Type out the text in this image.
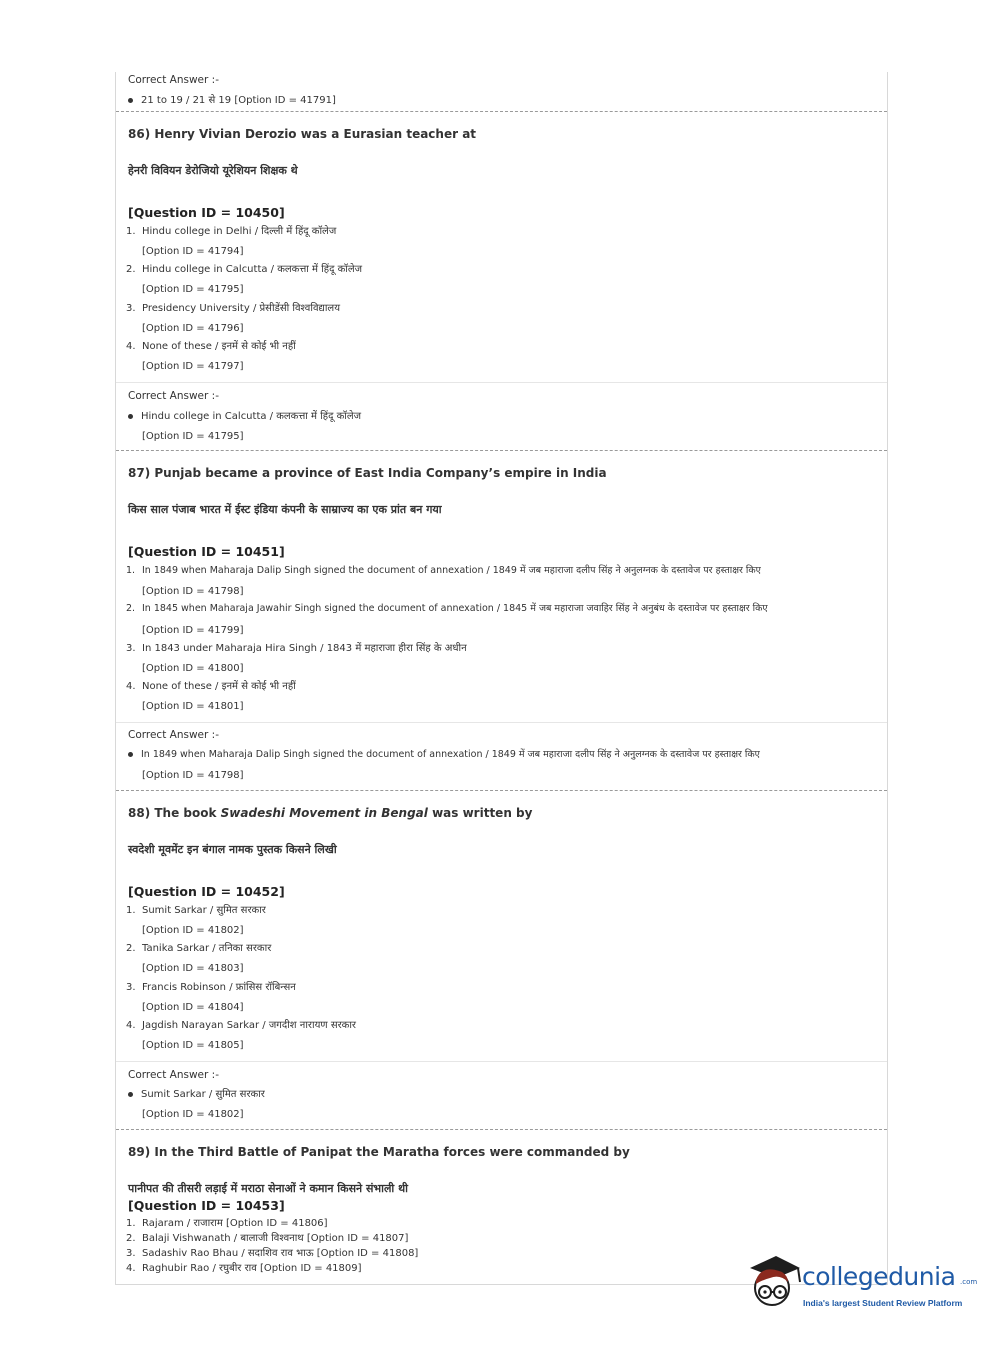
Correct Answer :-
21 to 19 / 21 से 19 [Option ID = 41791]
86) Henry Vivian Derozio was a Eurasian teacher at
हेनरी विवियन डेरोजियो यूरेशियन शिक्षक थे
[Question ID = 10450]
1. Hindu college in Delhi / दिल्ली में हिंदू कॉलेज
[Option ID = 41794]
2. Hindu college in Calcutta / कलकत्ता में हिंदू कॉलेज
[Option ID = 41795]
3. Presidency University / प्रेसीडेंसी विश्वविद्यालय
[Option ID = 41796]
4. None of these / इनमें से कोई भी नहीं
[Option ID = 41797]
Correct Answer :-
Hindu college in Calcutta / कलकत्ता में हिंदू कॉलेज
[Option ID = 41795]
87) Punjab became a province of East India Company’s empire in India
किस साल पंजाब भारत में ईस्ट इंडिया कंपनी के साम्राज्य का एक प्रांत बन गया
[Question ID = 10451]
1. In 1849 when Maharaja Dalip Singh signed the document of annexation / 1849 में जब महाराजा दलीप सिंह ने अनुलग्नक के दस्तावेज पर हस्ताक्षर किए
[Option ID = 41798]
2. In 1845 when Maharaja Jawahir Singh signed the document of annexation / 1845 में जब महाराजा जवाहिर सिंह ने अनुबंध के दस्तावेज पर हस्ताक्षर किए
[Option ID = 41799]
3. In 1843 under Maharaja Hira Singh / 1843 में महाराजा हीरा सिंह के अधीन
[Option ID = 41800]
4. None of these / इनमें से कोई भी नहीं
[Option ID = 41801]
Correct Answer :-
In 1849 when Maharaja Dalip Singh signed the document of annexation / 1849 में जब महाराजा दलीप सिंह ने अनुलग्नक के दस्तावेज पर हस्ताक्षर किए
[Option ID = 41798]
88) The book Swadeshi Movement in Bengal was written by
स्वदेशी मूवमेंट इन बंगाल नामक पुस्तक किसने लिखी
[Question ID = 10452]
1. Sumit Sarkar / सुमित सरकार
[Option ID = 41802]
2. Tanika Sarkar / तनिका सरकार
[Option ID = 41803]
3. Francis Robinson / फ्रांसिस रॉबिन्सन
[Option ID = 41804]
4. Jagdish Narayan Sarkar / जगदीश नारायण सरकार
[Option ID = 41805]
Correct Answer :-
Sumit Sarkar / सुमित सरकार
[Option ID = 41802]
89) In the Third Battle of Panipat the Maratha forces were commanded by
पानीपत की तीसरी लड़ाई में मराठा सेनाओं ने कमान किसने संभाली थी
[Question ID = 10453]
1. Rajaram / राजाराम [Option ID = 41806]
2. Balaji Vishwanath / बालाजी विश्वनाथ [Option ID = 41807]
3. Sadashiv Rao Bhau / सदाशिव राव भाऊ [Option ID = 41808]
4. Raghubir Rao / रघुबीर राव [Option ID = 41809]	collegedunia .com
India's largest Student Review Platform
